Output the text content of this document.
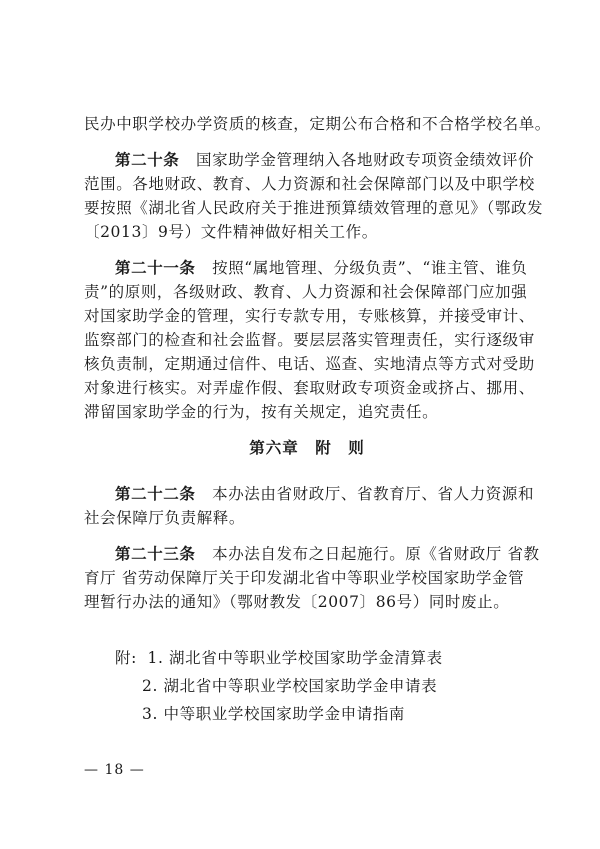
民办中职学校办学资质的核查，定期公布合格和不合格学校名单。
第二十条 国家助学金管理纳入各地财政专项资金绩效评价
范围。各地财政、教育、人力资源和社会保障部门以及中职学校
要按照《湖北省人民政府关于推进预算绩效管理的意见》（鄂政发
〔2013〕9号）文件精神做好相关工作。
第二十一条 按照“属地管理、分级负责”、“谁主管、谁负
责”的原则，各级财政、教育、人力资源和社会保障部门应加强
对国家助学金的管理，实行专款专用，专账核算，并接受审计、
监察部门的检查和社会监督。要层层落实管理责任，实行逐级审
核负责制，定期通过信件、电话、巡查、实地清点等方式对受助
对象进行核实。对弄虚作假、套取财政专项资金或挤占、挪用、
滞留国家助学金的行为，按有关规定，追究责任。
第六章　附　则
第二十二条 本办法由省财政厅、省教育厅、省人力资源和
社会保障厅负责解释。
第二十三条 本办法自发布之日起施行。原《省财政厅 省教
育厅 省劳动保障厅关于印发湖北省中等职业学校国家助学金管
理暂行办法的通知》（鄂财教发〔2007〕86号）同时废止。
附: 1. 湖北省中等职业学校国家助学金清算表
2. 湖北省中等职业学校国家助学金申请表
3. 中等职业学校国家助学金申请指南
— 18 —
